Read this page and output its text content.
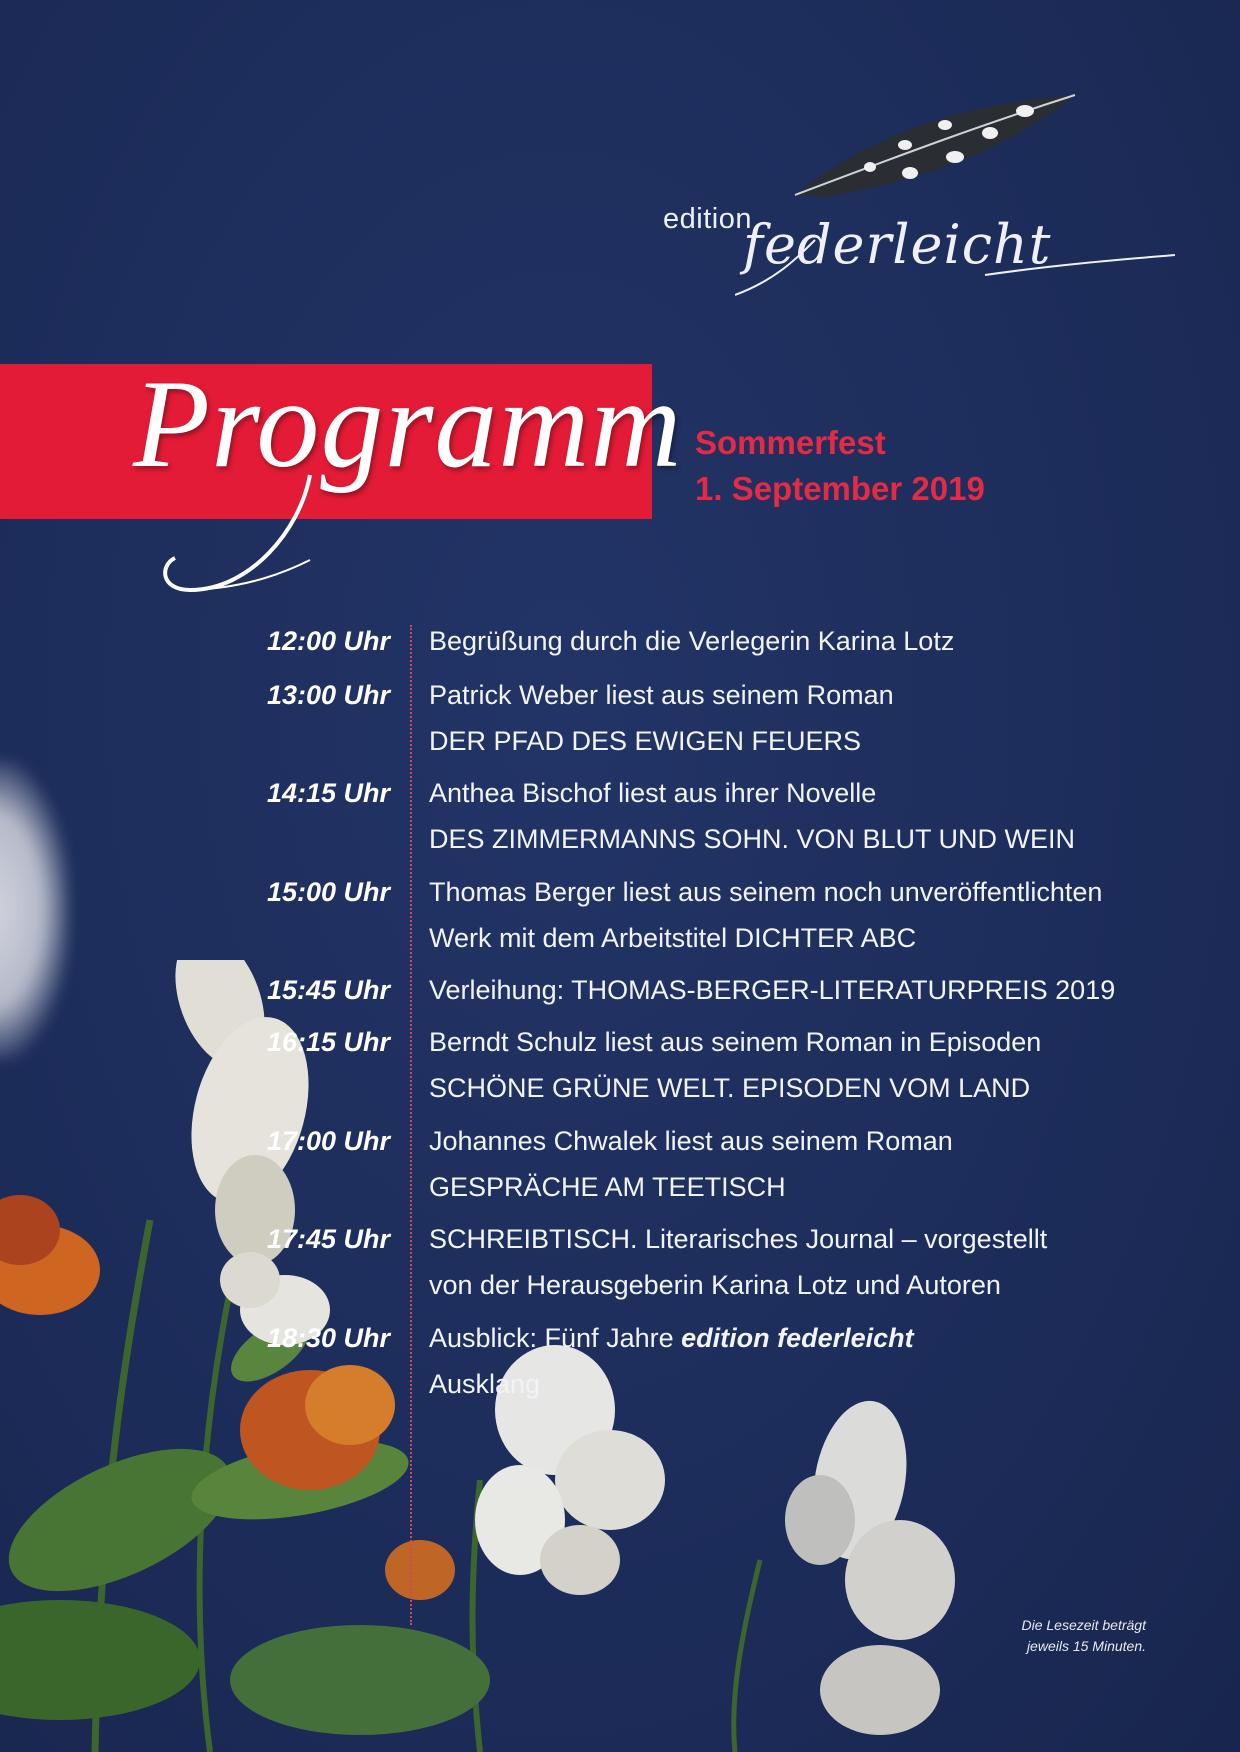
edition
federleicht
Programm Sommerfest
1. September 2019
12:00 Uhr Begrüßung durch die Verlegerin Karina Lotz
13:00 Uhr Patrick Weber liest aus seinem Roman
DER PFAD DES EWIGEN FEUERS
14:15 Uhr Anthea Bischof liest aus ihrer Novelle
DES ZIMMERMANNS SOHN. VON BLUT UND WEIN
15:00 Uhr Thomas Berger liest aus seinem noch unveröffentlichten
Werk mit dem Arbeitstitel DICHTER ABC
15:45 Uhr Verleihung: THOMAS-BERGER-LITERATURPREIS 2019
16:15 Uhr Berndt Schulz liest aus seinem Roman in Episoden
SCHÖNE GRÜNE WELT. EPISODEN VOM LAND
17:00 Uhr Johannes Chwalek liest aus seinem Roman
GESPRÄCHE AM TEETISCH
17:45 Uhr SCHREIBTISCH. Literarisches Journal – vorgestellt
von der Herausgeberin Karina Lotz und Autoren
18:30 Uhr Ausblick: Fünf Jahre edition federleicht
Ausklang
Die Lesezeit beträgt
jeweils 15 Minuten.
